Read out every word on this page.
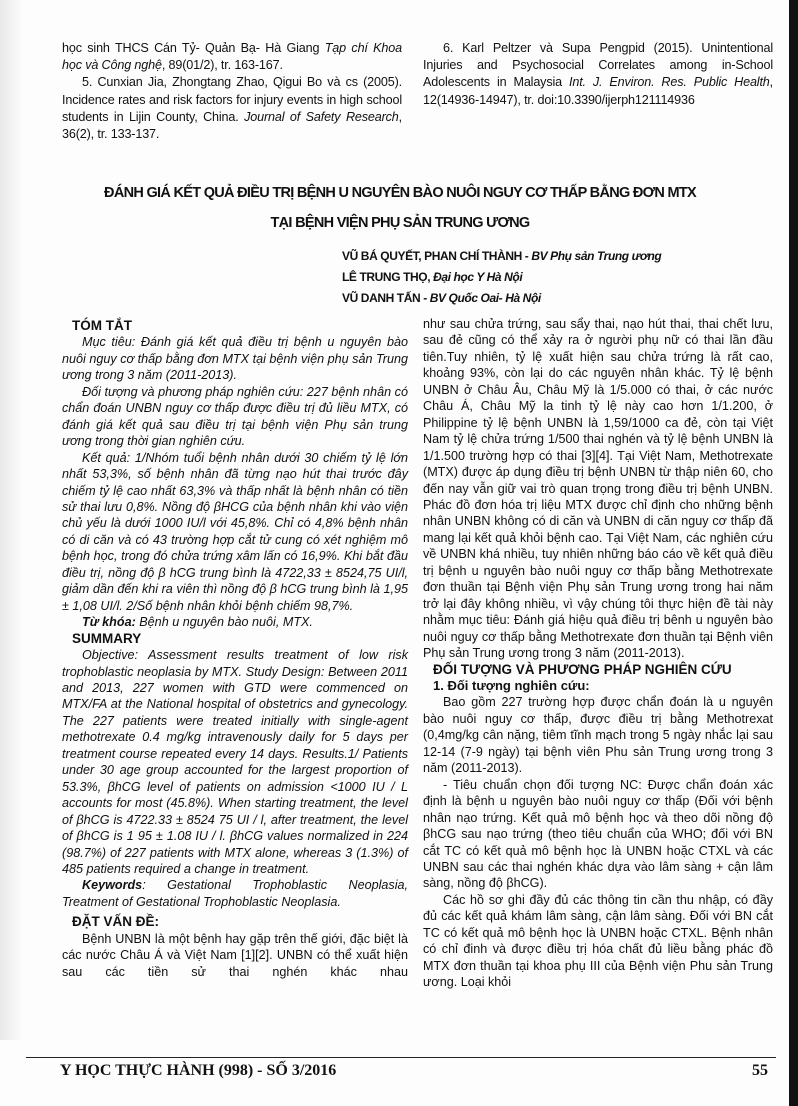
học sinh THCS Cán Tỷ- Quản Bạ- Hà Giang Tạp chí Khoa học và Công nghệ, 89(01/2), tr. 163-167.

5. Cunxian Jia, Zhongtang Zhao, Qigui Bo và cs (2005). Incidence rates and risk factors for injury events in high school students in Lijin County, China. Journal of Safety Research, 36(2), tr. 133-137.

6. Karl Peltzer và Supa Pengpid (2015). Unintentional Injuries and Psychosocial Correlates among in-School Adolescents in Malaysia Int. J. Environ. Res. Public Health, 12(14936-14947), tr. doi:10.3390/ijerph121114936

ĐÁNH GIÁ KẾT QUẢ ĐIỀU TRỊ BỆNH U NGUYÊN BÀO NUÔI NGUY CƠ THẤP BẰNG ĐƠN MTX
TẠI BỆNH VIỆN PHỤ SẢN TRUNG ƯƠNG
VŨ BÁ QUYẾT, PHAN CHÍ THÀNH - BV Phụ sản Trung ương
LÊ TRUNG THỌ, Đại học Y Hà Nội
VŨ DANH TẤN - BV Quốc Oai- Hà Nội

TÓM TẮT

Mục tiêu: Đánh giá kết quả điều trị bệnh u nguyên bào nuôi nguy cơ thấp bằng đơn MTX tại bệnh viện phụ sản Trung ương trong 3 năm (2011-2013).

Đối tượng và phương pháp nghiên cứu: 227 bệnh nhân có chẩn đoán UNBN nguy cơ thấp được điều trị đủ liều MTX, có đánh giá kết quả sau điều trị tại bệnh viện Phụ sản trung ương trong thời gian nghiên cứu.

Kết quả: 1/Nhóm tuổi bệnh nhân dưới 30 chiếm tỷ lệ lớn nhất 53,3%, số bệnh nhân đã từng nạo hút thai trước đây chiếm tỷ lệ cao nhất 63,3% và thấp nhất là bệnh nhân có tiền sử thai lưu 0,8%. Nồng độ βHCG của bệnh nhân khi vào viện chủ yếu là dưới 1000 IU/l với 45,8%. Chỉ có 4,8% bệnh nhân có di căn và có 43 trường hợp cắt tử cung có xét nghiệm mô bệnh học, trong đó chửa trứng xâm lấn có 16,9%. Khi bắt đầu điều trị, nồng độ β hCG trung bình là 4722,33 ± 8524,75 UI/l, giảm dần đến khi ra viên thì nồng độ β hCG trung bình là 1,95 ± 1,08 UI/l. 2/Số bệnh nhân khỏi bệnh chiếm 98,7%.

Từ khóa: Bệnh u nguyên bào nuôi, MTX.

SUMMARY

Objective: Assessment results treatment of low risk trophoblastic neoplasia by MTX. Study Design: Between 2011 and 2013, 227 women with GTD were commenced on MTX/FA at the National hospital of obstetrics and gynecology. The 227 patients were treated initially with single-agent methotrexate 0.4 mg/kg intravenously daily for 5 days per treatment course repeated every 14 days. Results.1/ Patients under 30 age group accounted for the largest proportion of 53.3%, βhCG level of patients on admission <1000 IU / L accounts for most (45.8%). When starting treatment, the level of βhCG is 4722.33 ± 8524 75 UI / l, after treatment, the level of βhCG is 1 95 ± 1.08 IU / l. βhCG values normalized in 224 (98.7%) of 227 patients with MTX alone, whereas 3 (1.3%) of 485 patients required a change in treatment.

Keywords: Gestational Trophoblastic Neoplasia, Treatment of Gestational Trophoblastic Neoplasia.

ĐẶT VẤN ĐỀ:

Bệnh UNBN là một bệnh hay gặp trên thế giới, đặc biệt là các nước Châu Á và Việt Nam [1][2]. UNBN có thể xuất hiện sau các tiền sử thai nghén khác nhau

như sau chửa trứng, sau sẩy thai, nạo hút thai, thai chết lưu, sau đẻ cũng có thể xảy ra ở người phụ nữ có thai lần đầu tiên.Tuy nhiên, tỷ lệ xuất hiện sau chửa trứng là rất cao, khoảng 93%, còn lại do các nguyên nhân khác. Tỷ lệ bệnh UNBN ở Châu Âu, Châu Mỹ là 1/5.000 có thai, ở các nước Châu Á, Châu Mỹ la tinh tỷ lệ này cao hơn 1/1.200, ở Philippine tỷ lệ bệnh UNBN là 1,59/1000 ca đẻ, còn tại Việt Nam tỷ lệ chửa trứng 1/500 thai nghén và tỷ lệ bệnh UNBN là 1/1.500 trường hợp có thai [3][4]. Tại Việt Nam, Methotrexate (MTX) được áp dụng điều trị bệnh UNBN từ thập niên 60, cho đến nay vẫn giữ vai trò quan trọng trong điều trị bệnh UNBN. Phác đồ đơn hóa trị liệu MTX được chỉ định cho những bệnh nhân UNBN không có di căn và UNBN di căn nguy cơ thấp đã mang lại kết quả khỏi bệnh cao. Tại Việt Nam, các nghiên cứu về UNBN khá nhiều, tuy nhiên những báo cáo về kết quả điều trị bệnh u nguyên bào nuôi nguy cơ thấp bằng Methotrexate đơn thuần tại Bệnh viện Phụ sản Trung ương trong hai năm trở lại đây không nhiều, vì vậy chúng tôi thực hiện đề tài này nhằm mục tiêu: Đánh giá hiệu quả điều trị bênh u nguyên bào nuôi nguy cơ thấp bằng Methotrexate đơn thuần tại Bệnh viên Phụ sản Trung ương trong 3 năm (2011-2013).

ĐỐI TƯỢNG VÀ PHƯƠNG PHÁP NGHIÊN CỨU

1. Đối tượng nghiên cứu:

Bao gồm 227 trường hợp được chẩn đoán là u nguyên bào nuôi nguy cơ thấp, được điều trị bằng Methotrexat (0,4mg/kg cân nặng, tiêm tĩnh mạch trong 5 ngày nhắc lại sau 12-14 (7-9 ngày) tại bệnh viên Phu sản Trung ương trong 3 năm (2011-2013).

- Tiêu chuẩn chọn đối tượng NC: Được chẩn đoán xác định là bệnh u nguyên bào nuôi nguy cơ thấp (Đối với bệnh nhân nạo trứng. Kết quả mô bệnh học và theo dõi nồng độ βhCG sau nạo trứng (theo tiêu chuẩn của WHO; đối với BN cắt TC có kết quả mô bệnh học là UNBN hoặc CTXL và các UNBN sau các thai nghén khác dựa vào lâm sàng + cận lâm sàng, nồng độ βhCG).

Các hồ sơ ghi đầy đủ các thông tin cần thu nhập, có đầy đủ các kết quả khám lâm sàng, cận lâm sàng. Đối với BN cắt TC có kết quả mô bệnh học là UNBN hoặc CTXL. Bệnh nhân có chỉ đinh và được điều trị hóa chất đủ liều bằng phác đồ MTX đơn thuần tại khoa phụ III của Bệnh viện Phu sản Trung ương. Loại khỏi

Y HỌC THỰC HÀNH (998) - SỐ 3/2016	55
